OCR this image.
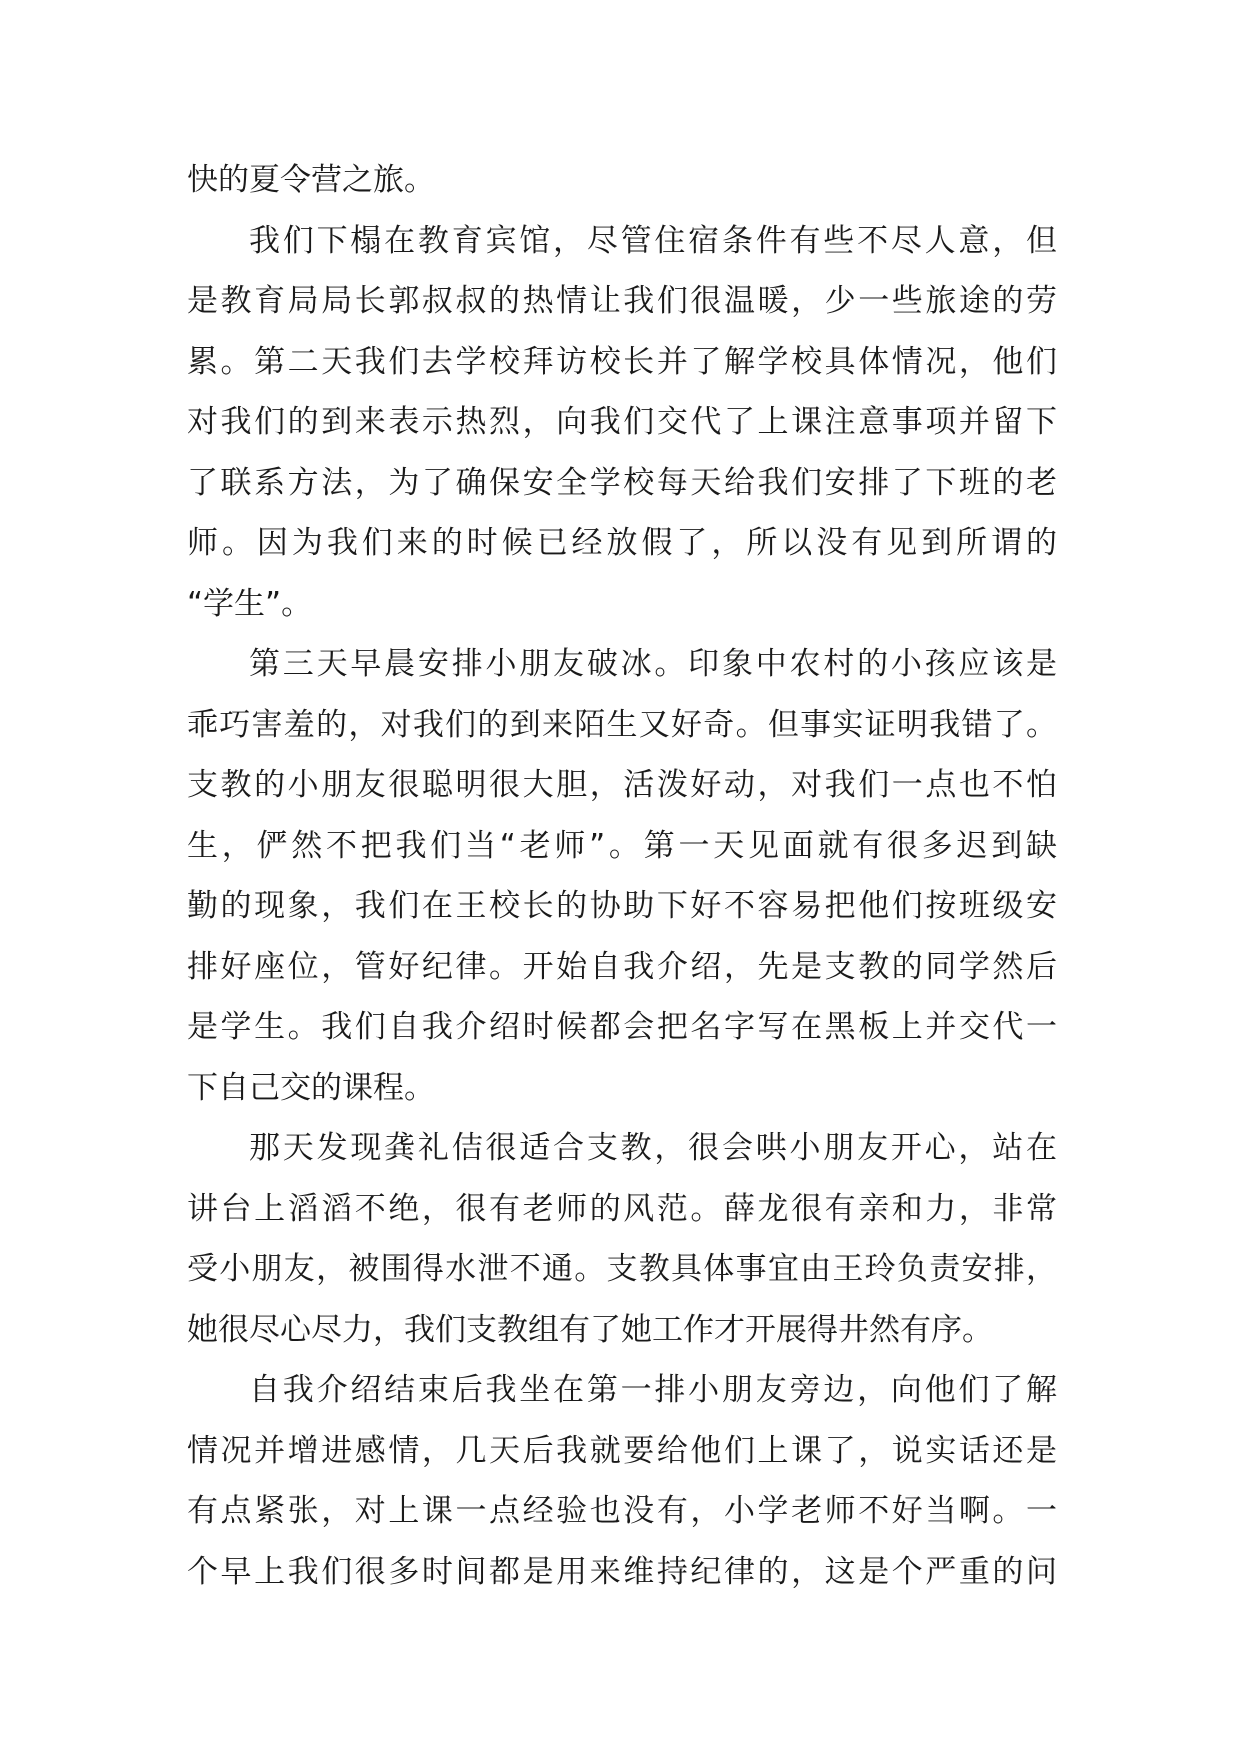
快的夏令营之旅。
我们下榻在教育宾馆，尽管住宿条件有些不尽人意，但
是教育局局长郭叔叔的热情让我们很温暖，少一些旅途的劳
累。第二天我们去学校拜访校长并了解学校具体情况，他们
对我们的到来表示热烈，向我们交代了上课注意事项并留下
了联系方法，为了确保安全学校每天给我们安排了下班的老
师。因为我们来的时候已经放假了，所以没有见到所谓的
“学生”。
第三天早晨安排小朋友破冰。印象中农村的小孩应该是
乖巧害羞的，对我们的到来陌生又好奇。但事实证明我错了。
支教的小朋友很聪明很大胆，活泼好动，对我们一点也不怕
生，俨然不把我们当“老师”。第一天见面就有很多迟到缺
勤的现象，我们在王校长的协助下好不容易把他们按班级安
排好座位，管好纪律。开始自我介绍，先是支教的同学然后
是学生。我们自我介绍时候都会把名字写在黑板上并交代一
下自己交的课程。
那天发现龚礼佶很适合支教，很会哄小朋友开心，站在
讲台上滔滔不绝，很有老师的风范。薛龙很有亲和力，非常
受小朋友，被围得水泄不通。支教具体事宜由王玲负责安排，
她很尽心尽力，我们支教组有了她工作才开展得井然有序。
自我介绍结束后我坐在第一排小朋友旁边，向他们了解
情况并增进感情，几天后我就要给他们上课了，说实话还是
有点紧张，对上课一点经验也没有，小学老师不好当啊。一
个早上我们很多时间都是用来维持纪律的，这是个严重的问
